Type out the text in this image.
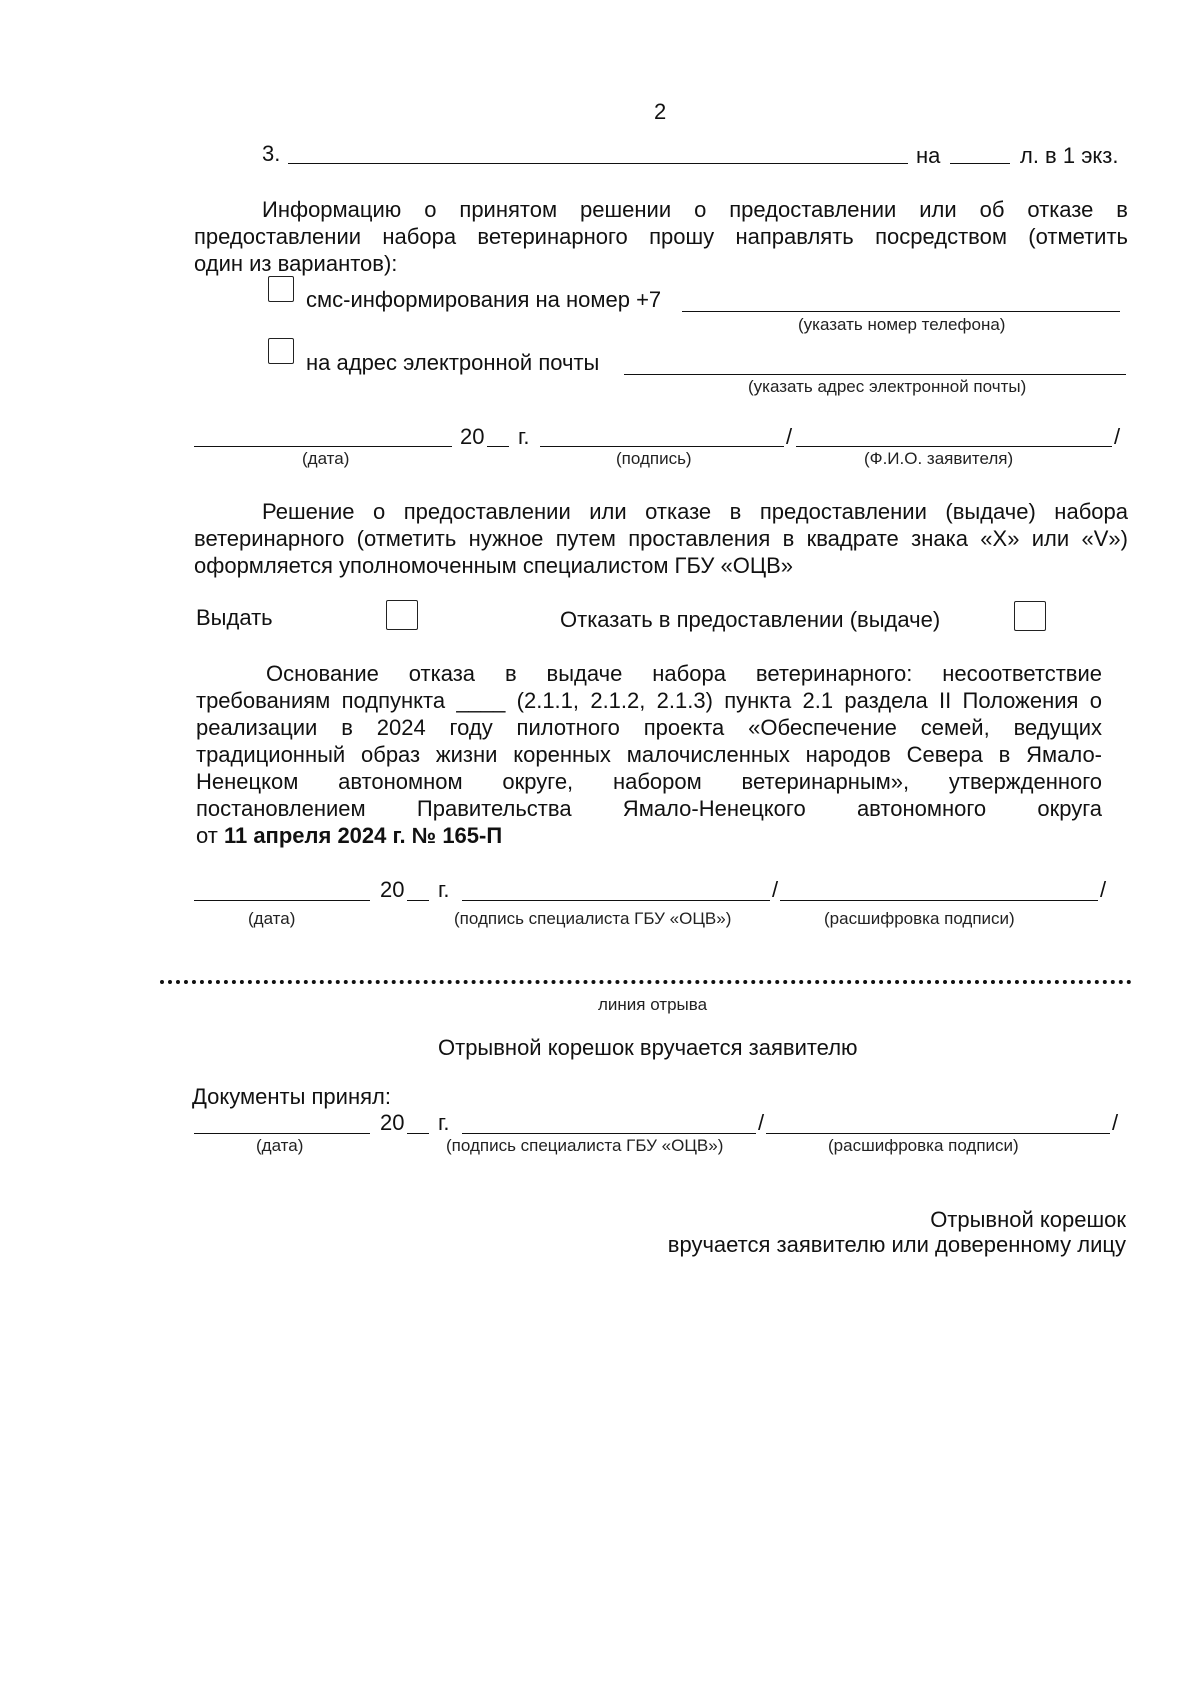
2
3.	на	л. в 1 экз.
Информацию о принятом решении о предоставлении или об отказе в
предоставлении набора ветеринарного прошу направлять посредством (отметить
один из вариантов):
смс-информирования на номер +7
(указать номер телефона)
на адрес электронной почты
(указать адрес электронной почты)
20 г.	/	/
(дата)	(подпись)	(Ф.И.О. заявителя)
Решение о предоставлении или отказе в предоставлении (выдаче) набора
ветеринарного (отметить нужное путем проставления в квадрате знака «Х» или «V»)
оформляется уполномоченным специалистом ГБУ «ОЦВ»
Выдать	Отказать в предоставлении (выдаче)
Основание отказа в выдаче набора ветеринарного: несоответствие
требованиям подпункта ____ (2.1.1, 2.1.2, 2.1.3) пункта 2.1 раздела II Положения о
реализации в 2024 году пилотного проекта «Обеспечение семей, ведущих
традиционный образ жизни коренных малочисленных народов Севера в Ямало-
Ненецком автономном округе, набором ветеринарным», утвержденного
постановлением Правительства Ямало-Ненецкого автономного округа
от 11 апреля 2024 г. № 165-П
20 г.	/	/
(дата)	(подпись специалиста ГБУ «ОЦВ»)	(расшифровка подписи)
линия отрыва
Отрывной корешок вручается заявителю
Документы принял:
20 г.	/	/
(дата)	(подпись специалиста ГБУ «ОЦВ»)	(расшифровка подписи)
Отрывной корешок
вручается заявителю или доверенному лицу
